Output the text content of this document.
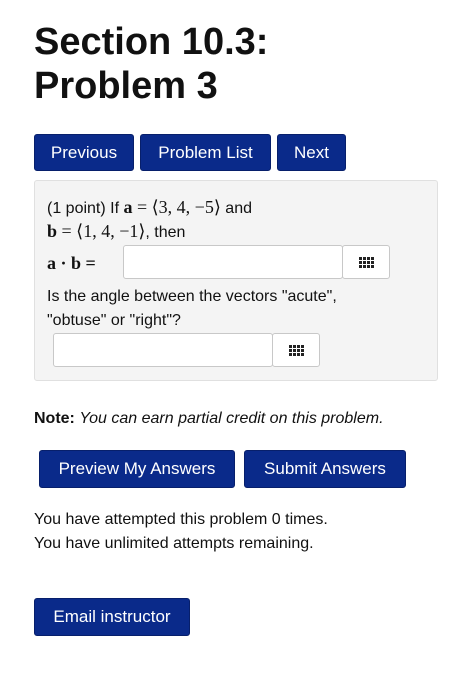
Section 10.3:
Problem 3
Previous	Problem List	Next
(1 point) If a = ⟨3, 4, −5⟩ and
b = ⟨1, 4, −1⟩, then
a · b =
Is the angle between the vectors "acute",
"obtuse" or "right"?
Note: You can earn partial credit on this problem.
Preview My Answers	Submit Answers
You have attempted this problem 0 times.
You have unlimited attempts remaining.
Email instructor
